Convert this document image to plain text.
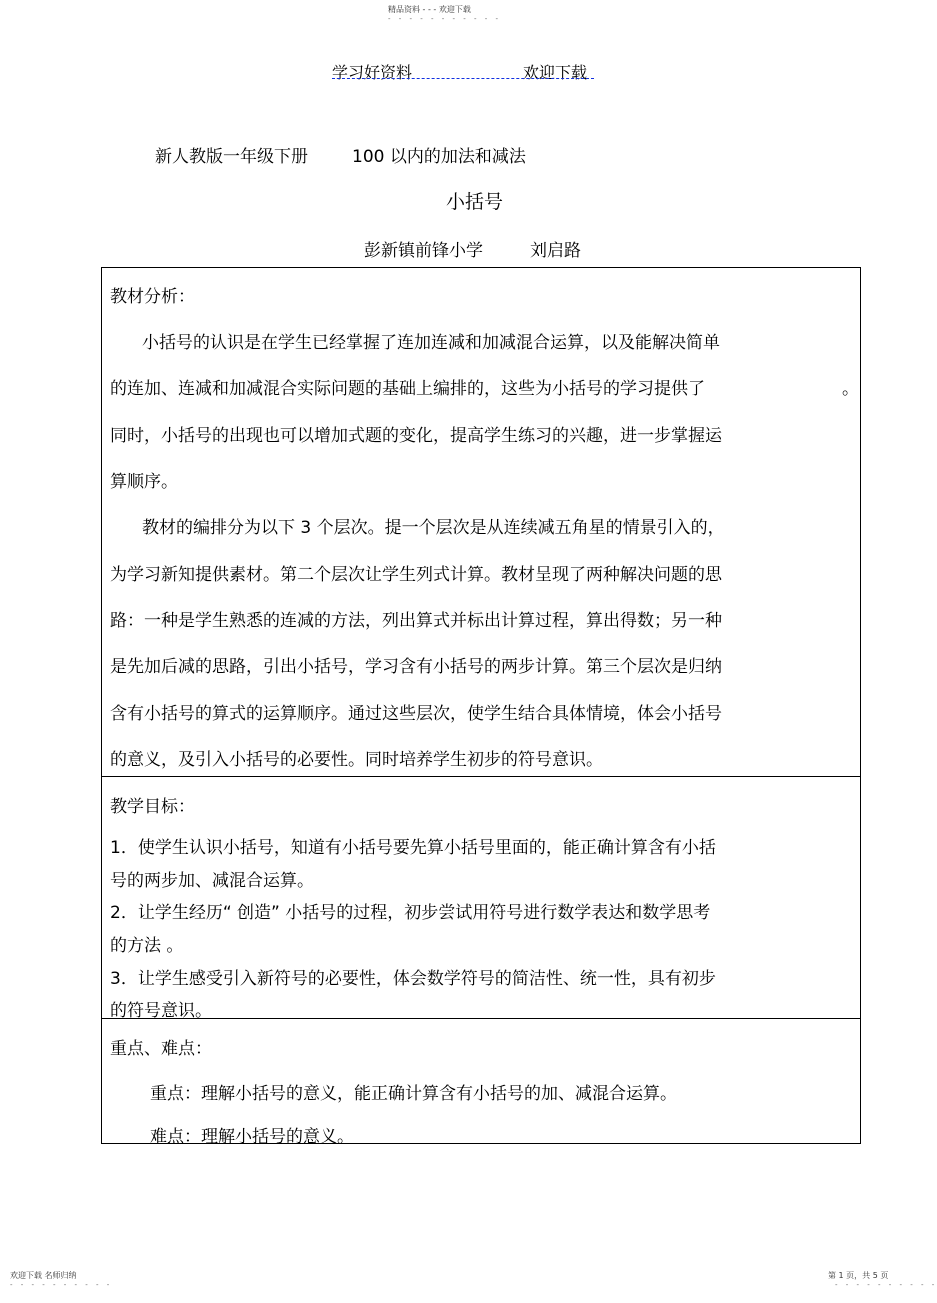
精品资料 - - - 欢迎下载
- - - - - - - - - - -
学习好资料	欢迎下载
新人教版一年级下册	100 以内的加法和减法
小括号
彭新镇前锋小学	刘启路
教材分析：
小括号的认识是在学生已经掌握了连加连减和加减混合运算，以及能解决简单
的连加、连减和加减混合实际问题的基础上编排的，这些为小括号的学习提供了	。
同时，小括号的出现也可以增加式题的变化，提高学生练习的兴趣，进一步掌握运
算顺序。
教材的编排分为以下 3 个层次。提一个层次是从连续减五角星的情景引入的，
为学习新知提供素材。第二个层次让学生列式计算。教材呈现了两种解决问题的思
路：一种是学生熟悉的连减的方法，列出算式并标出计算过程，算出得数；另一种
是先加后减的思路，引出小括号，学习含有小括号的两步计算。第三个层次是归纳
含有小括号的算式的运算顺序。通过这些层次，使学生结合具体情境，体会小括号
的意义，及引入小括号的必要性。同时培养学生初步的符号意识。
教学目标：
1．使学生认识小括号，知道有小括号要先算小括号里面的，能正确计算含有小括
号的两步加、减混合运算。
2．让学生经历“ 创造” 小括号的过程，初步尝试用符号进行数学表达和数学思考
的方法 。
3．让学生感受引入新符号的必要性，体会数学符号的简洁性、统一性，具有初步
的符号意识。
重点、难点：
重点：理解小括号的意义，能正确计算含有小括号的加、减混合运算。
难点：理解小括号的意义。
欢迎下载 名师归纳
- - - - - - - - - -
第 1 页，共 5 页
- - - - - - - - - -
